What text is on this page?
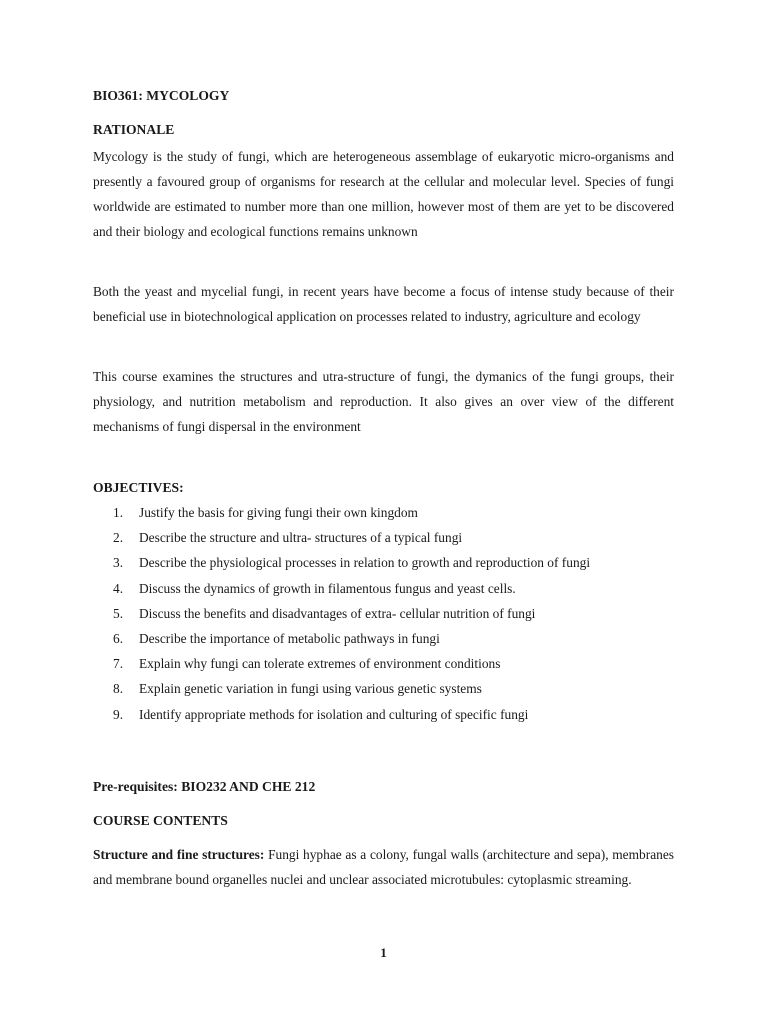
BIO361: MYCOLOGY
RATIONALE

Mycology is the study of fungi, which are heterogeneous assemblage of eukaryotic micro-organisms and presently a favoured group of organisms for research at the cellular and molecular level. Species of fungi worldwide are estimated to number more than one million, however most of them are yet to be discovered and their biology and ecological functions remains unknown

Both the yeast and mycelial fungi, in recent years have become a focus of intense study because of their beneficial use in biotechnological application on processes related to industry, agriculture and ecology

This course examines the structures and utra-structure of fungi, the dymanics of the fungi groups, their physiology, and nutrition metabolism and reproduction. It also gives an over view of the different mechanisms of fungi dispersal in the environment

OBJECTIVES:
1.	Justify the basis for giving fungi their own kingdom
2.	Describe the structure and ultra- structures of a typical fungi
3.	Describe the physiological processes in relation to growth and reproduction of fungi
4.	Discuss the dynamics of growth in filamentous fungus and yeast cells.
5.	Discuss the benefits and disadvantages of extra- cellular nutrition of fungi
6.	Describe the importance of metabolic pathways in fungi
7.	Explain why fungi can tolerate extremes of environment conditions
8.	Explain genetic variation in fungi using various genetic systems
9.	Identify appropriate methods for isolation and culturing of specific fungi
Pre-requisites: BIO232 AND CHE 212
COURSE CONTENTS

Structure and fine structures: Fungi hyphae as a colony, fungal walls (architecture and sepa), membranes and membrane bound organelles nuclei and unclear associated microtubules: cytoplasmic streaming.

1
